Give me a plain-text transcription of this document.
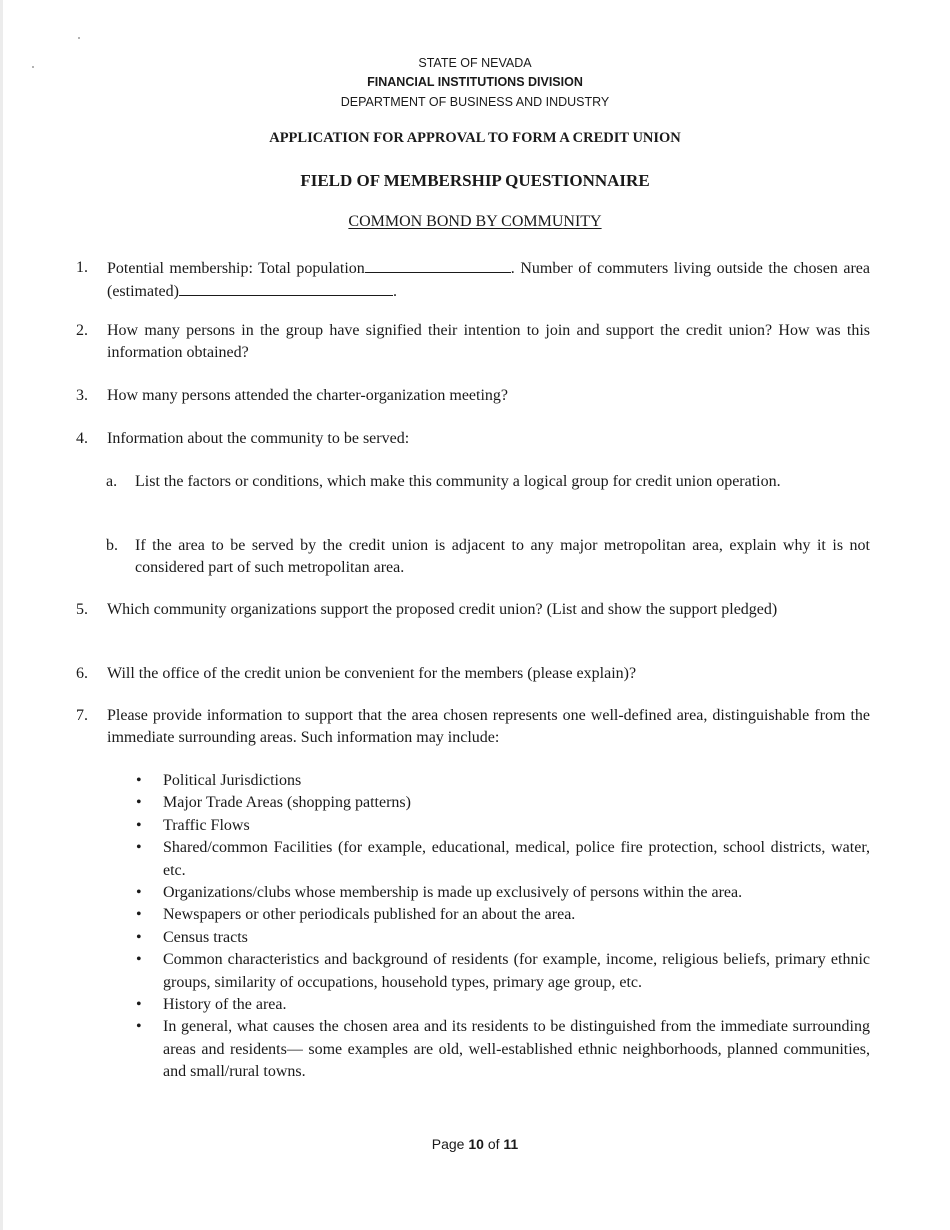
STATE OF NEVADA
FINANCIAL INSTITUTIONS DIVISION
DEPARTMENT OF BUSINESS AND INDUSTRY
APPLICATION FOR APPROVAL TO FORM A CREDIT UNION
FIELD OF MEMBERSHIP QUESTIONNAIRE
COMMON BOND BY COMMUNITY
1.	Potential membership: Total population	. Number of commuters living outside the chosen area (estimated)	.
2.	How many persons in the group have signified their intention to join and support the credit union? How was this information obtained?
3.	How many persons attended the charter-organization meeting?
4.	Information about the community to be served:
a.	List the factors or conditions, which make this community a logical group for credit union operation.
b.	If the area to be served by the credit union is adjacent to any major metropolitan area, explain why it is not considered part of such metropolitan area.
5.	Which community organizations support the proposed credit union? (List and show the support pledged)
6.	Will the office of the credit union be convenient for the members (please explain)?
7.	Please provide information to support that the area chosen represents one well-defined area, distinguishable from the immediate surrounding areas. Such information may include:
• Political Jurisdictions
• Major Trade Areas (shopping patterns)
• Traffic Flows
• Shared/common Facilities (for example, educational, medical, police fire protection, school districts, water, etc.
• Organizations/clubs whose membership is made up exclusively of persons within the area.
• Newspapers or other periodicals published for an about the area.
• Census tracts
• Common characteristics and background of residents (for example, income, religious beliefs, primary ethnic groups, similarity of occupations, household types, primary age group, etc.
• History of the area.
• In general, what causes the chosen area and its residents to be distinguished from the immediate surrounding areas and residents— some examples are old, well-established ethnic neighborhoods, planned communities, and small/rural towns.
Page 10 of 11
